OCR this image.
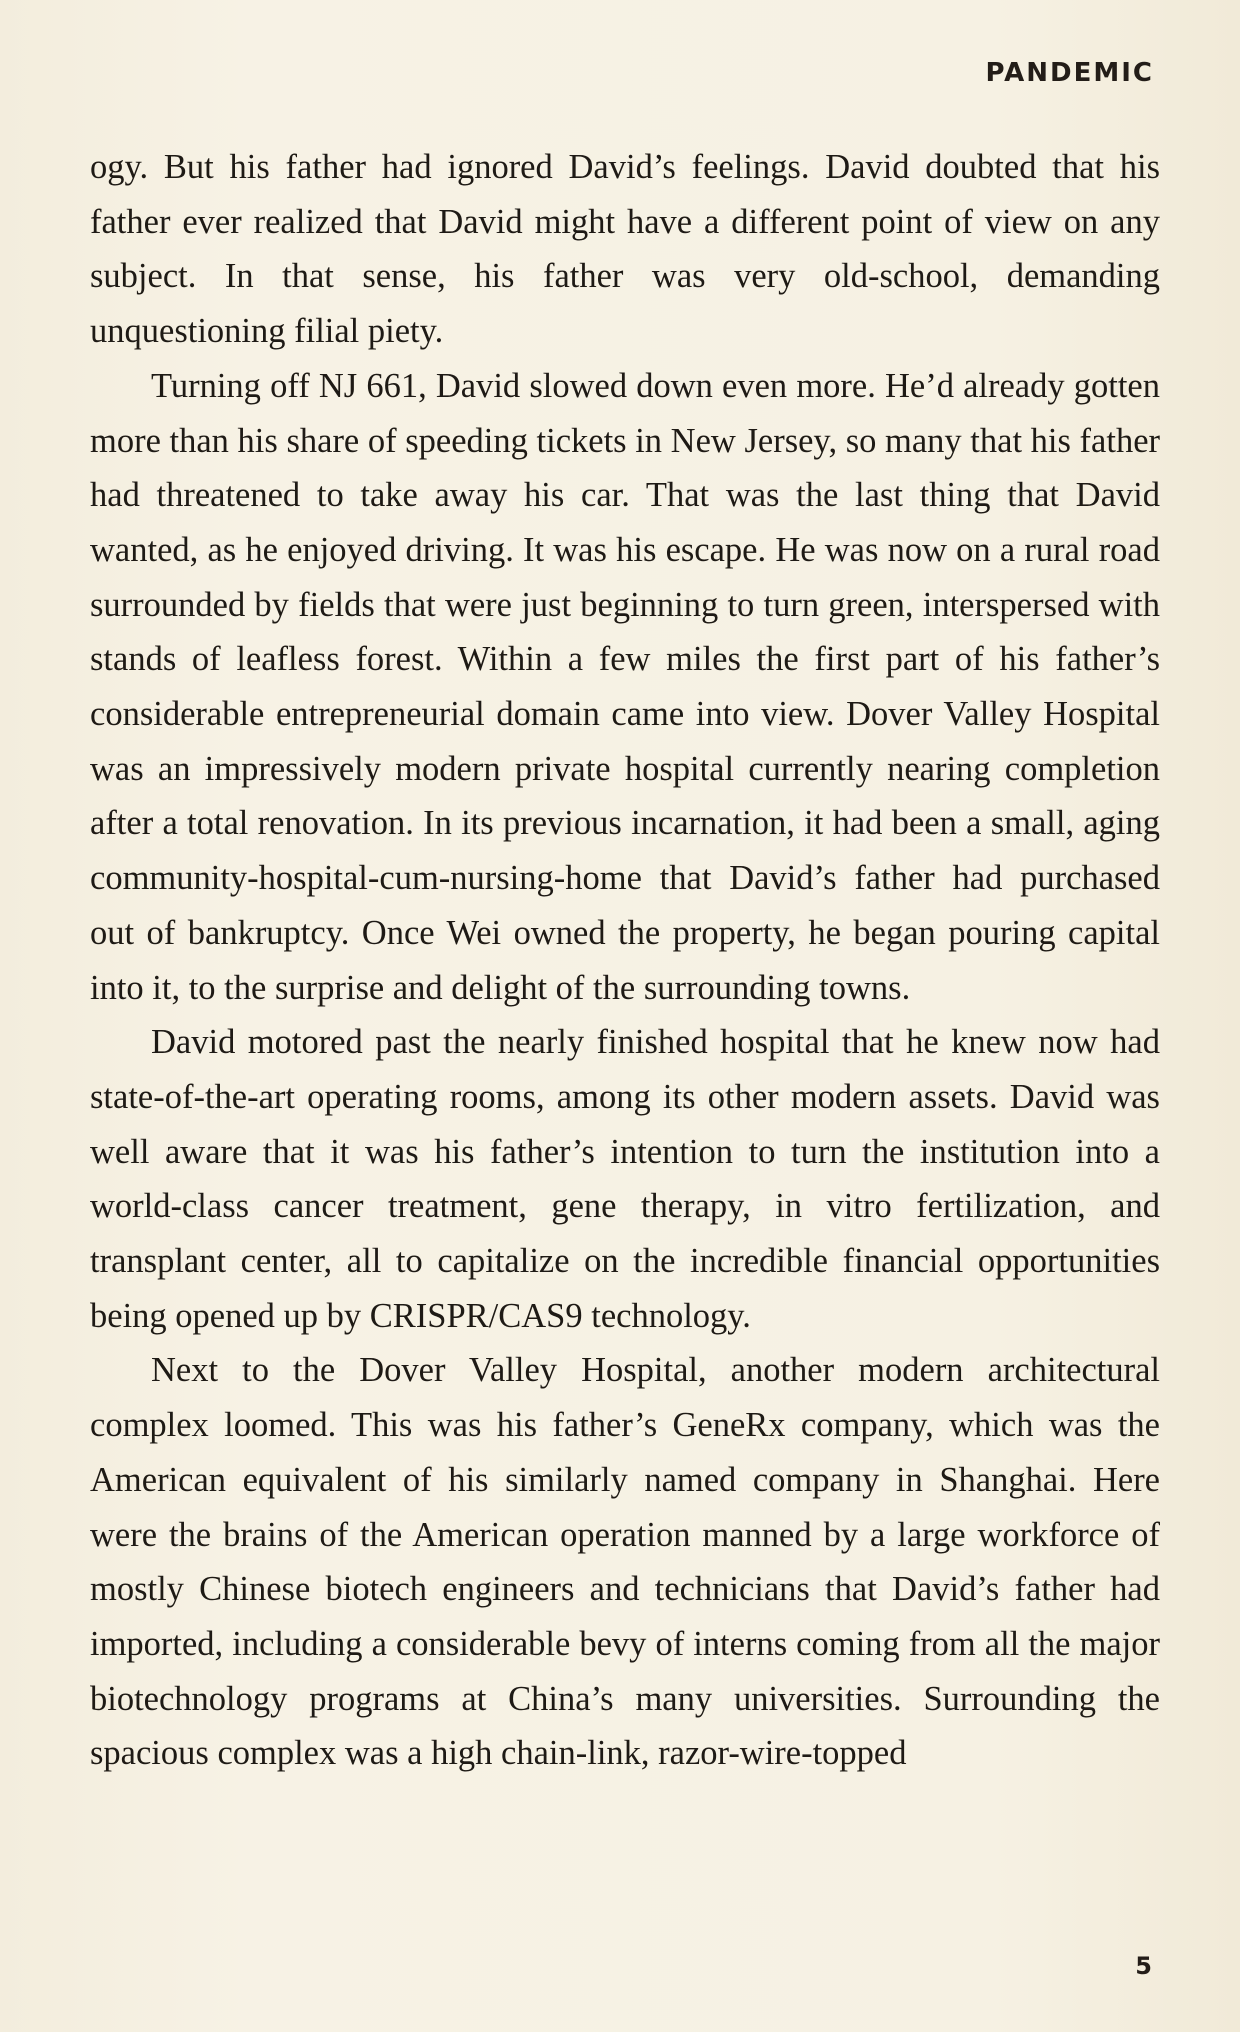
PANDEMIC

ogy. But his father had ignored David’s feelings. David doubted that his father ever realized that David might have a different point of view on any subject. In that sense, his father was very old-school, demanding unquestioning filial piety.

Turning off NJ 661, David slowed down even more. He’d already gotten more than his share of speeding tickets in New Jersey, so many that his father had threatened to take away his car. That was the last thing that David wanted, as he enjoyed driving. It was his escape. He was now on a rural road surrounded by fields that were just beginning to turn green, interspersed with stands of leafless forest. Within a few miles the first part of his father’s considerable entrepreneurial domain came into view. Dover Valley Hospital was an impressively modern private hospital currently nearing completion after a total renovation. In its previous incarnation, it had been a small, aging community-hospital-cum-nursing-home that David’s father had purchased out of bankruptcy. Once Wei owned the property, he began pouring capital into it, to the surprise and delight of the surrounding towns.

David motored past the nearly finished hospital that he knew now had state-of-the-art operating rooms, among its other modern assets. David was well aware that it was his father’s intention to turn the institution into a world-class cancer treatment, gene therapy, in vitro fertilization, and transplant center, all to capitalize on the incredible financial opportunities being opened up by CRISPR/CAS9 technology.

Next to the Dover Valley Hospital, another modern architectural complex loomed. This was his father’s GeneRx company, which was the American equivalent of his similarly named company in Shanghai. Here were the brains of the American operation manned by a large workforce of mostly Chinese biotech engineers and technicians that David’s father had imported, including a considerable bevy of interns coming from all the major biotechnology programs at China’s many universities. Surrounding the spacious complex was a high chain-link, razor-wire-topped

5
